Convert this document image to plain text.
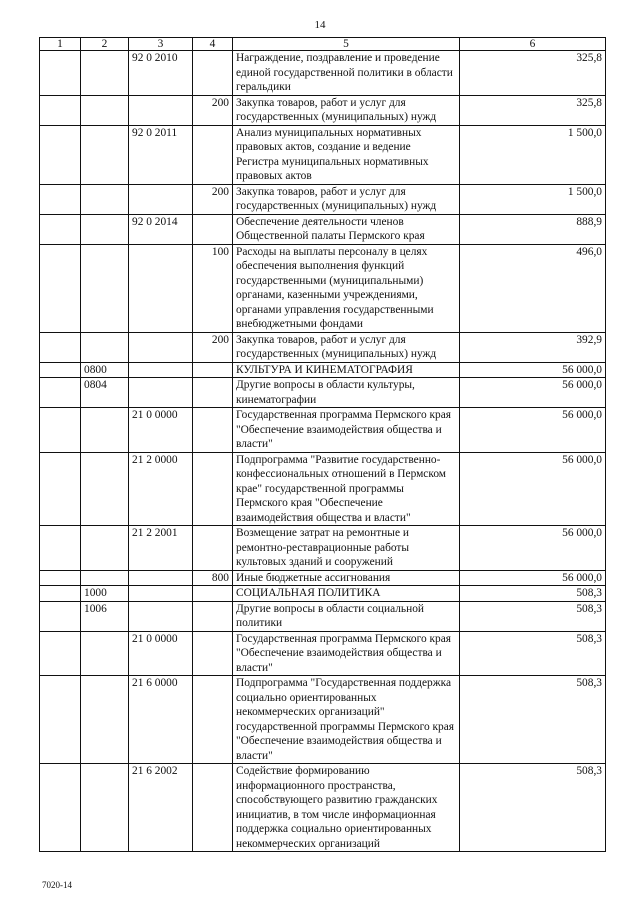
14
1	2	3	4	5	6
		92 0 2010		Награждение, поздравление и проведение единой государственной политики в области геральдики	325,8
			200	Закупка товаров, работ и услуг для государственных (муниципальных) нужд	325,8
		92 0 2011		Анализ муниципальных нормативных правовых актов, создание и ведение Регистра муниципальных нормативных правовых актов	1 500,0
			200	Закупка товаров, работ и услуг для государственных (муниципальных) нужд	1 500,0
		92 0 2014		Обеспечение деятельности членов Общественной палаты Пермского края	888,9
			100	Расходы на выплаты персоналу в целях обеспечения выполнения функций государственными (муниципальными) органами, казенными учреждениями, органами управления государственными внебюджетными фондами	496,0
			200	Закупка товаров, работ и услуг для государственных (муниципальных) нужд	392,9
	0800			КУЛЬТУРА И КИНЕМАТОГРАФИЯ	56 000,0
	0804			Другие вопросы в области культуры, кинематографии	56 000,0
		21 0 0000		Государственная программа Пермского края "Обеспечение взаимодействия общества и власти"	56 000,0
		21 2 0000		Подпрограмма "Развитие государственно-конфессиональных отношений в Пермском крае" государственной программы Пермского края "Обеспечение взаимодействия общества и власти"	56 000,0
		21 2 2001		Возмещение затрат на ремонтные и ремонтно-реставрационные работы культовых зданий и сооружений	56 000,0
			800	Иные бюджетные ассигнования	56 000,0
	1000			СОЦИАЛЬНАЯ ПОЛИТИКА	508,3
	1006			Другие вопросы в области социальной политики	508,3
		21 0 0000		Государственная программа Пермского края "Обеспечение взаимодействия общества и власти"	508,3
		21 6 0000		Подпрограмма "Государственная поддержка социально ориентированных некоммерческих организаций" государственной программы Пермского края "Обеспечение взаимодействия общества и власти"	508,3
		21 6 2002		Содействие формированию информационного пространства, способствующего развитию гражданских инициатив, в том числе информационная поддержка социально ориентированных некоммерческих организаций	508,3
7020-14
